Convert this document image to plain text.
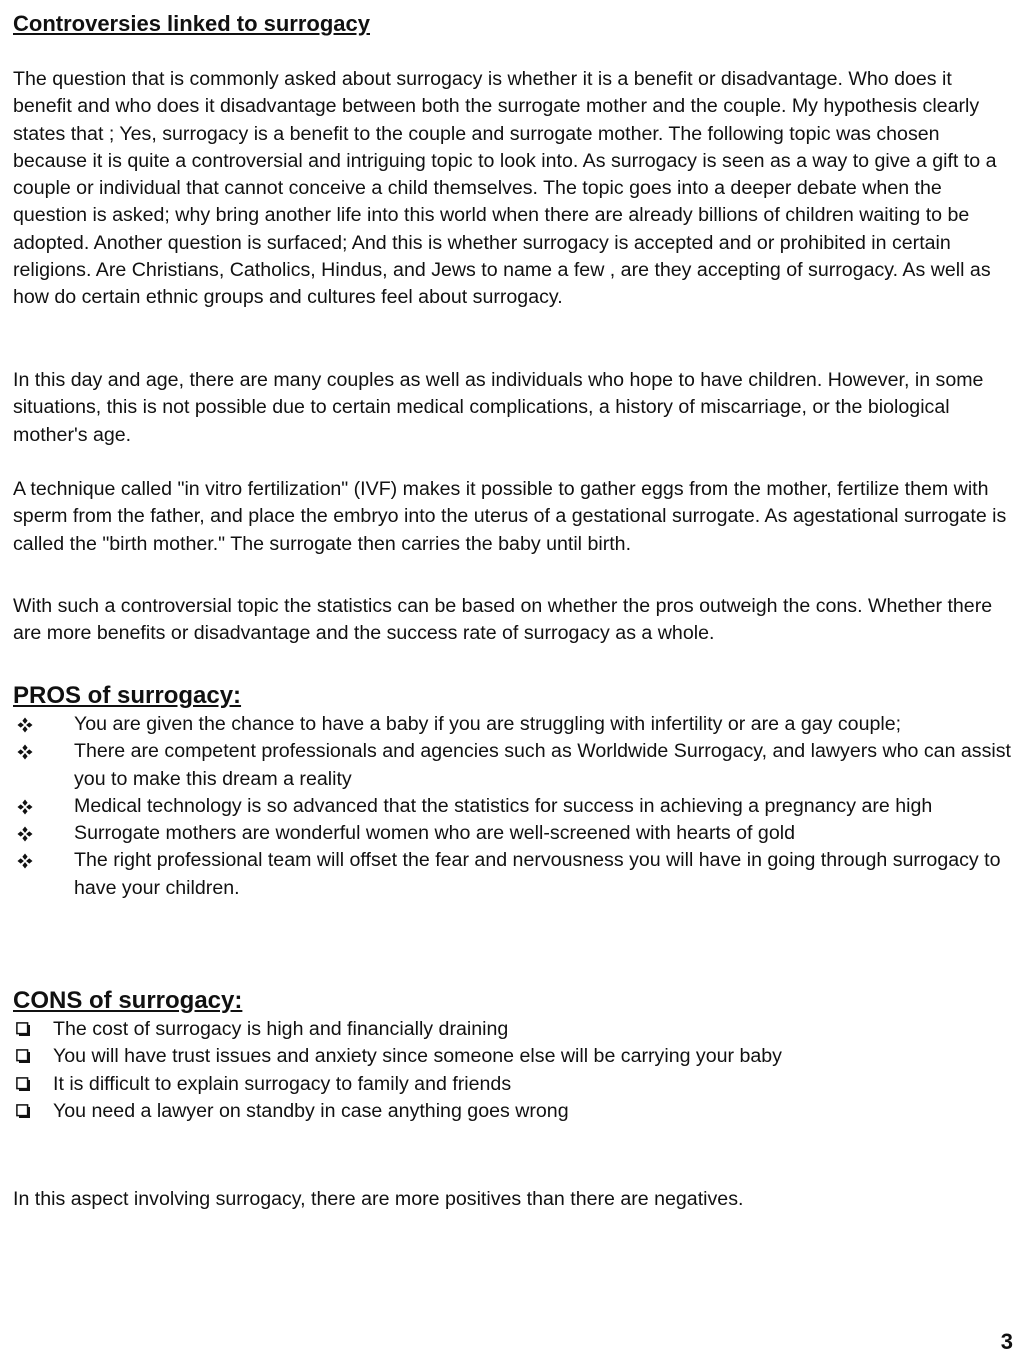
Controversies linked to surrogacy

The question that is commonly asked about surrogacy is whether it is a benefit or disadvantage. Who does it benefit and who does it disadvantage between both the surrogate mother and the couple. My hypothesis clearly states that ; Yes, surrogacy is a benefit to the couple and surrogate mother. The following topic was chosen because it is quite a controversial and intriguing topic to look into. As surrogacy is seen as a way to give a gift to a couple or individual that cannot conceive a child themselves. The topic goes into a deeper debate when the question is asked; why bring another life into this world when there are already billions of children waiting to be adopted. Another question is surfaced; And this is whether surrogacy is accepted and or prohibited in certain religions. Are Christians, Catholics, Hindus, and Jews to name a few , are they accepting of surrogacy. As well as how do certain ethnic groups and cultures feel about surrogacy.

In this day and age, there are many couples as well as individuals who hope to have children. However, in some situations, this is not possible due to certain medical complications, a history of miscarriage, or the biological mother's age.

A technique called "in vitro fertilization" (IVF) makes it possible to gather eggs from the mother, fertilize them with sperm from the father, and place the embryo into the uterus of a gestational surrogate. As agestational surrogate is called the "birth mother." The surrogate then carries the baby until birth.

With such a controversial topic the statistics can be based on whether the pros outweigh the cons. Whether there are more benefits or disadvantage and the success rate of surrogacy as a whole.

PROS of surrogacy:
You are given the chance to have a baby if you are struggling with infertility or are a gay couple;
There are competent professionals and agencies such as Worldwide Surrogacy, and lawyers who can assist you to make this dream a reality
Medical technology is so advanced that the statistics for success in achieving a pregnancy are high
Surrogate mothers are wonderful women who are well-screened with hearts of gold
The right professional team will offset the fear and nervousness you will have in going through surrogacy to have your children.
CONS of surrogacy:
The cost of surrogacy is high and financially draining
You will have trust issues and anxiety since someone else will be carrying your baby
It is difficult to explain surrogacy to family and friends
You need a lawyer on standby in case anything goes wrong

In this aspect involving surrogacy, there are more positives than there are negatives.

3
